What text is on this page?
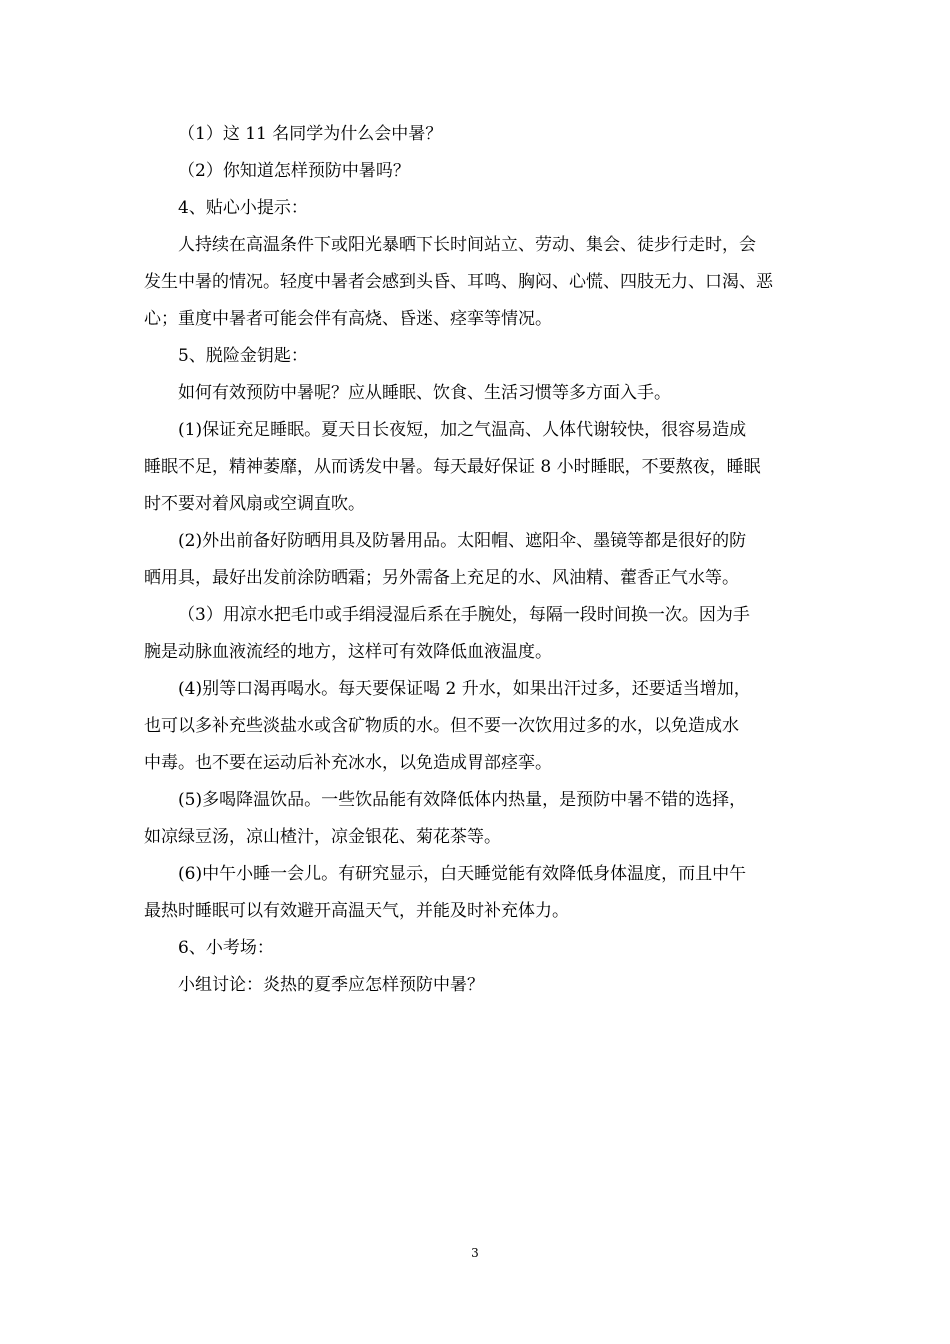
（1）这 11 名同学为什么会中暑？
（2）你知道怎样预防中暑吗？
4、贴心小提示：
人持续在高温条件下或阳光暴晒下长时间站立、劳动、集会、徒步行走时，会
发生中暑的情况。轻度中暑者会感到头昏、耳鸣、胸闷、心慌、四肢无力、口渴、恶
心；重度中暑者可能会伴有高烧、昏迷、痉挛等情况。
5、脱险金钥匙：
如何有效预防中暑呢？应从睡眠、饮食、生活习惯等多方面入手。
(1)保证充足睡眠。夏天日长夜短，加之气温高、人体代谢较快，很容易造成
睡眠不足，精神萎靡，从而诱发中暑。每天最好保证 8 小时睡眠，不要熬夜，睡眠
时不要对着风扇或空调直吹。
(2)外出前备好防晒用具及防暑用品。太阳帽、遮阳伞、墨镜等都是很好的防
晒用具，最好出发前涂防晒霜；另外需备上充足的水、风油精、藿香正气水等。
（3）用凉水把毛巾或手绢浸湿后系在手腕处，每隔一段时间换一次。因为手
腕是动脉血液流经的地方，这样可有效降低血液温度。
(4)别等口渴再喝水。每天要保证喝 2 升水，如果出汗过多，还要适当增加，
也可以多补充些淡盐水或含矿物质的水。但不要一次饮用过多的水，以免造成水
中毒。也不要在运动后补充冰水，以免造成胃部痉挛。
(5)多喝降温饮品。一些饮品能有效降低体内热量，是预防中暑不错的选择，
如凉绿豆汤，凉山楂汁，凉金银花、菊花茶等。
(6)中午小睡一会儿。有研究显示，白天睡觉能有效降低身体温度，而且中午
最热时睡眠可以有效避开高温天气，并能及时补充体力。
6、小考场：
小组讨论：炎热的夏季应怎样预防中暑？
3
